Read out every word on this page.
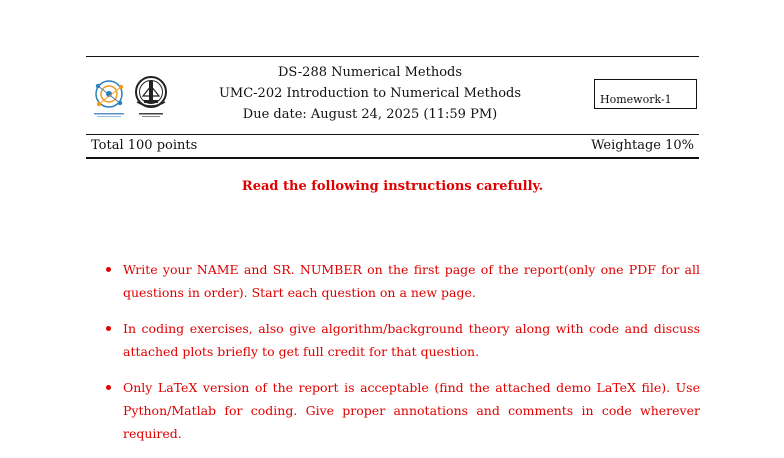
DS-288 Numerical Methods
UMC-202 Introduction to Numerical Methods
Due date: August 24, 2025 (11:59 PM)
Homework-1
Total 100 points	Weightage 10%
Read the following instructions carefully.
Write your NAME and SR. NUMBER on the first page of the report(only one PDF for all questions in order). Start each question on a new page.
In coding exercises, also give algorithm/background theory along with code and discuss attached plots briefly to get full credit for that question.
Only LaTeX version of the report is acceptable (find the attached demo LaTeX file). Use Python/Matlab for coding. Give proper annotations and comments in code wherever required.
